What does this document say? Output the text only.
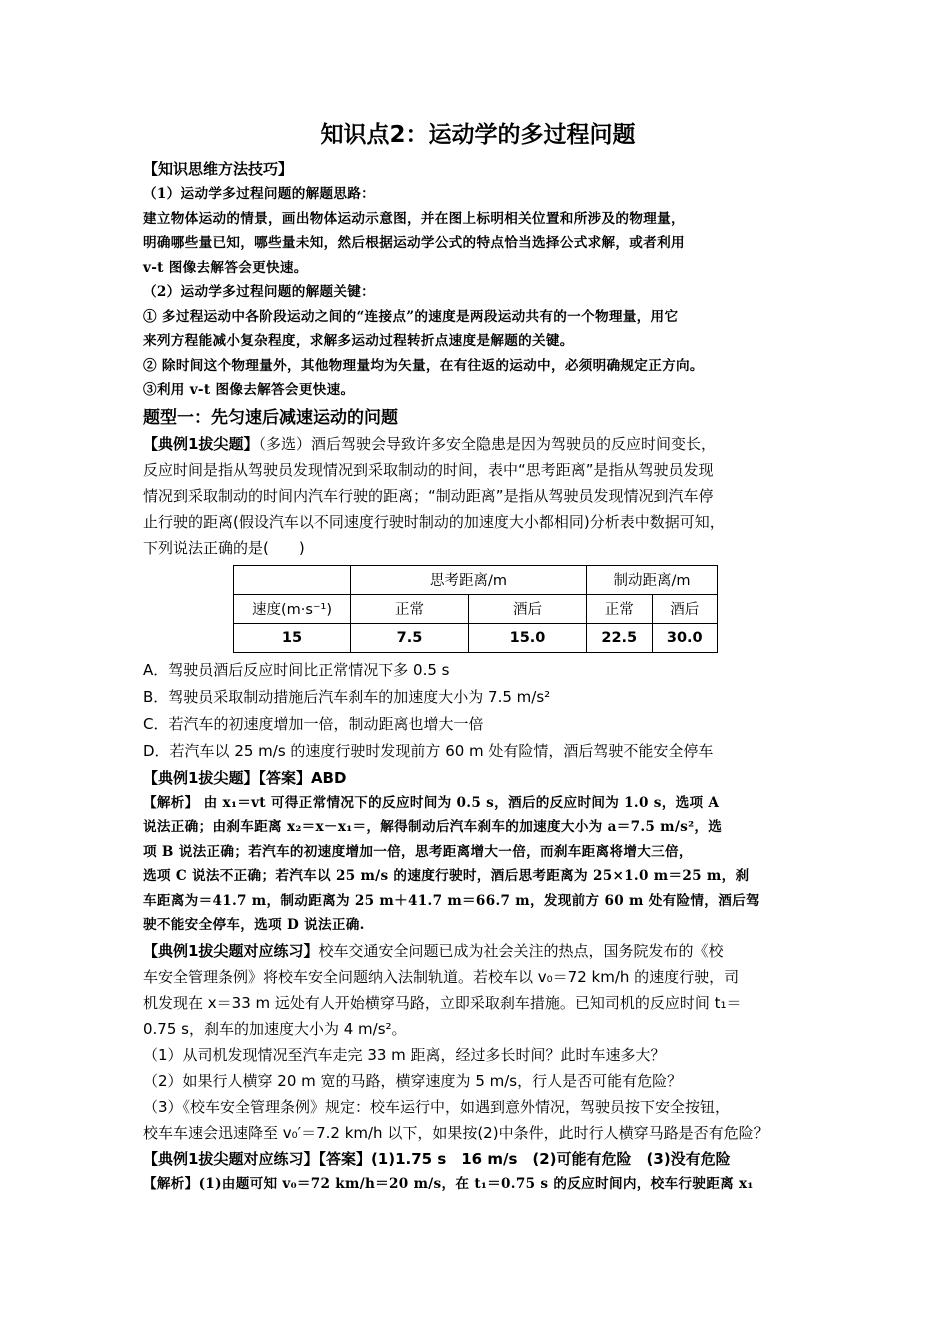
知识点2：运动学的多过程问题
【知识思维方法技巧】

（1）运动学多过程问题的解题思路：

建立物体运动的情景，画出物体运动示意图，并在图上标明相关位置和所涉及的物理量，

明确哪些量已知，哪些量未知，然后根据运动学公式的特点恰当选择公式求解，或者利用

v-t 图像去解答会更快速。

（2）运动学多过程问题的解题关键：

① 多过程运动中各阶段运动之间的“连接点”的速度是两段运动共有的一个物理量，用它

来列方程能减小复杂程度，求解多运动过程转折点速度是解题的关键。

② 除时间这个物理量外，其他物理量均为矢量，在有往返的运动中，必须明确规定正方向。

③利用 v-t 图像去解答会更快速。

题型一：先匀速后减速运动的问题

【典例1拔尖题】（多选）酒后驾驶会导致许多安全隐患是因为驾驶员的反应时间变长，

反应时间是指从驾驶员发现情况到采取制动的时间，表中“思考距离”是指从驾驶员发现

情况到采取制动的时间内汽车行驶的距离；“制动距离”是指从驾驶员发现情况到汽车停

止行驶的距离(假设汽车以不同速度行驶时制动的加速度大小都相同)分析表中数据可知，

下列说法正确的是(　　)

	思考距离/m		制动距离/m	
速度(m·s⁻¹)	正常	酒后	正常	酒后
15	7.5	15.0	22.5	30.0

A．驾驶员酒后反应时间比正常情况下多 0.5 s

B．驾驶员采取制动措施后汽车刹车的加速度大小为 7.5 m/s²

C．若汽车的初速度增加一倍，制动距离也增大一倍

D．若汽车以 25 m/s 的速度行驶时发现前方 60 m 处有险情，酒后驾驶不能安全停车

【典例1拔尖题】【答案】ABD

【解析】 由 x₁＝vt 可得正常情况下的反应时间为 0.5 s，酒后的反应时间为 1.0 s，选项 A

说法正确；由刹车距离 x₂＝x－x₁＝，解得制动后汽车刹车的加速度大小为 a＝7.5 m/s²，选

项 B 说法正确；若汽车的初速度增加一倍，思考距离增大一倍，而刹车距离将增大三倍，

选项 C 说法不正确；若汽车以 25 m/s 的速度行驶时，酒后思考距离为 25×1.0 m＝25 m，刹

车距离为＝41.7 m，制动距离为 25 m＋41.7 m＝66.7 m，发现前方 60 m 处有险情，酒后驾

驶不能安全停车，选项 D 说法正确.

【典例1拔尖题对应练习】校车交通安全问题已成为社会关注的热点，国务院发布的《校

车安全管理条例》将校车安全问题纳入法制轨道。若校车以 v₀＝72 km/h 的速度行驶，司

机发现在 x＝33 m 远处有人开始横穿马路，立即采取刹车措施。已知司机的反应时间 t₁＝

0.75 s，刹车的加速度大小为 4 m/s²。

（1）从司机发现情况至汽车走完 33 m 距离，经过多长时间？此时车速多大？

（2）如果行人横穿 20 m 宽的马路，横穿速度为 5 m/s，行人是否可能有危险？

（3）《校车安全管理条例》规定：校车运行中，如遇到意外情况，驾驶员按下安全按钮，

校车车速会迅速降至 v₀′＝7.2 km/h 以下，如果按(2)中条件，此时行人横穿马路是否有危险？

【典例1拔尖题对应练习】【答案】(1)1.75 s　16 m/s　(2)可能有危险　(3)没有危险

【解析】(1)由题可知 v₀＝72 km/h＝20 m/s，在 t₁＝0.75 s 的反应时间内，校车行驶距离 x₁
